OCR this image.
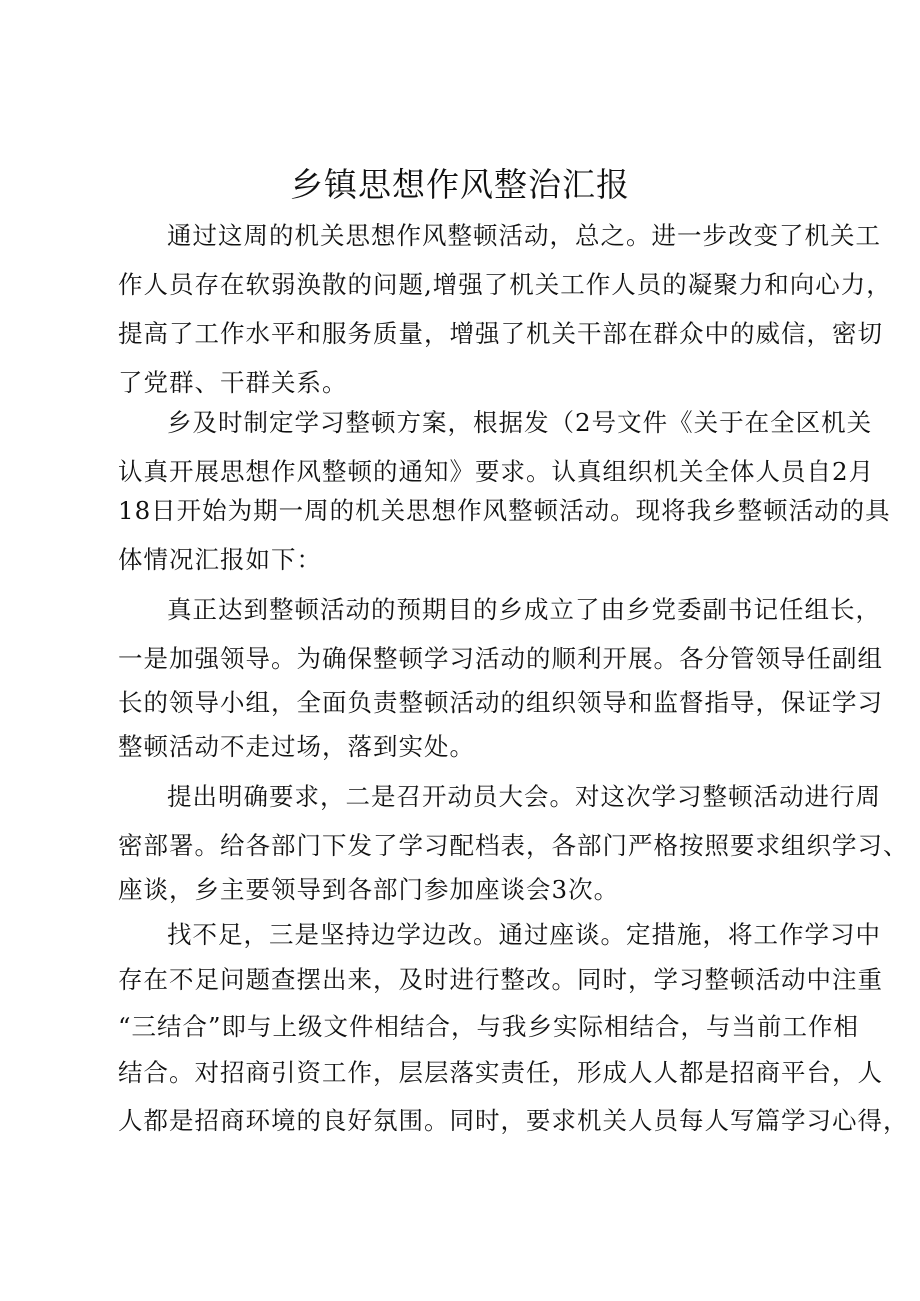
乡镇思想作风整治汇报
通过这周的机关思想作风整顿活动，总之。进一步改变了机关工
作人员存在软弱涣散的问题,增强了机关工作人员的凝聚力和向心力，
提高了工作水平和服务质量，增强了机关干部在群众中的威信，密切
了党群、干群关系。
乡及时制定学习整顿方案，根据发（2号文件《关于在全区机关
认真开展思想作风整顿的通知》要求。认真组织机关全体人员自2月
18日开始为期一周的机关思想作风整顿活动。现将我乡整顿活动的具
体情况汇报如下：
真正达到整顿活动的预期目的乡成立了由乡党委副书记任组长，
一是加强领导。为确保整顿学习活动的顺利开展。各分管领导任副组
长的领导小组，全面负责整顿活动的组织领导和监督指导，保证学习
整顿活动不走过场，落到实处。
提出明确要求，二是召开动员大会。对这次学习整顿活动进行周
密部署。给各部门下发了学习配档表，各部门严格按照要求组织学习、
座谈，乡主要领导到各部门参加座谈会3次。
找不足，三是坚持边学边改。通过座谈。定措施，将工作学习中
存在不足问题查摆出来，及时进行整改。同时，学习整顿活动中注重
“三结合”即与上级文件相结合，与我乡实际相结合，与当前工作相
结合。对招商引资工作，层层落实责任，形成人人都是招商平台，人
人都是招商环境的良好氛围。同时，要求机关人员每人写篇学习心得，
